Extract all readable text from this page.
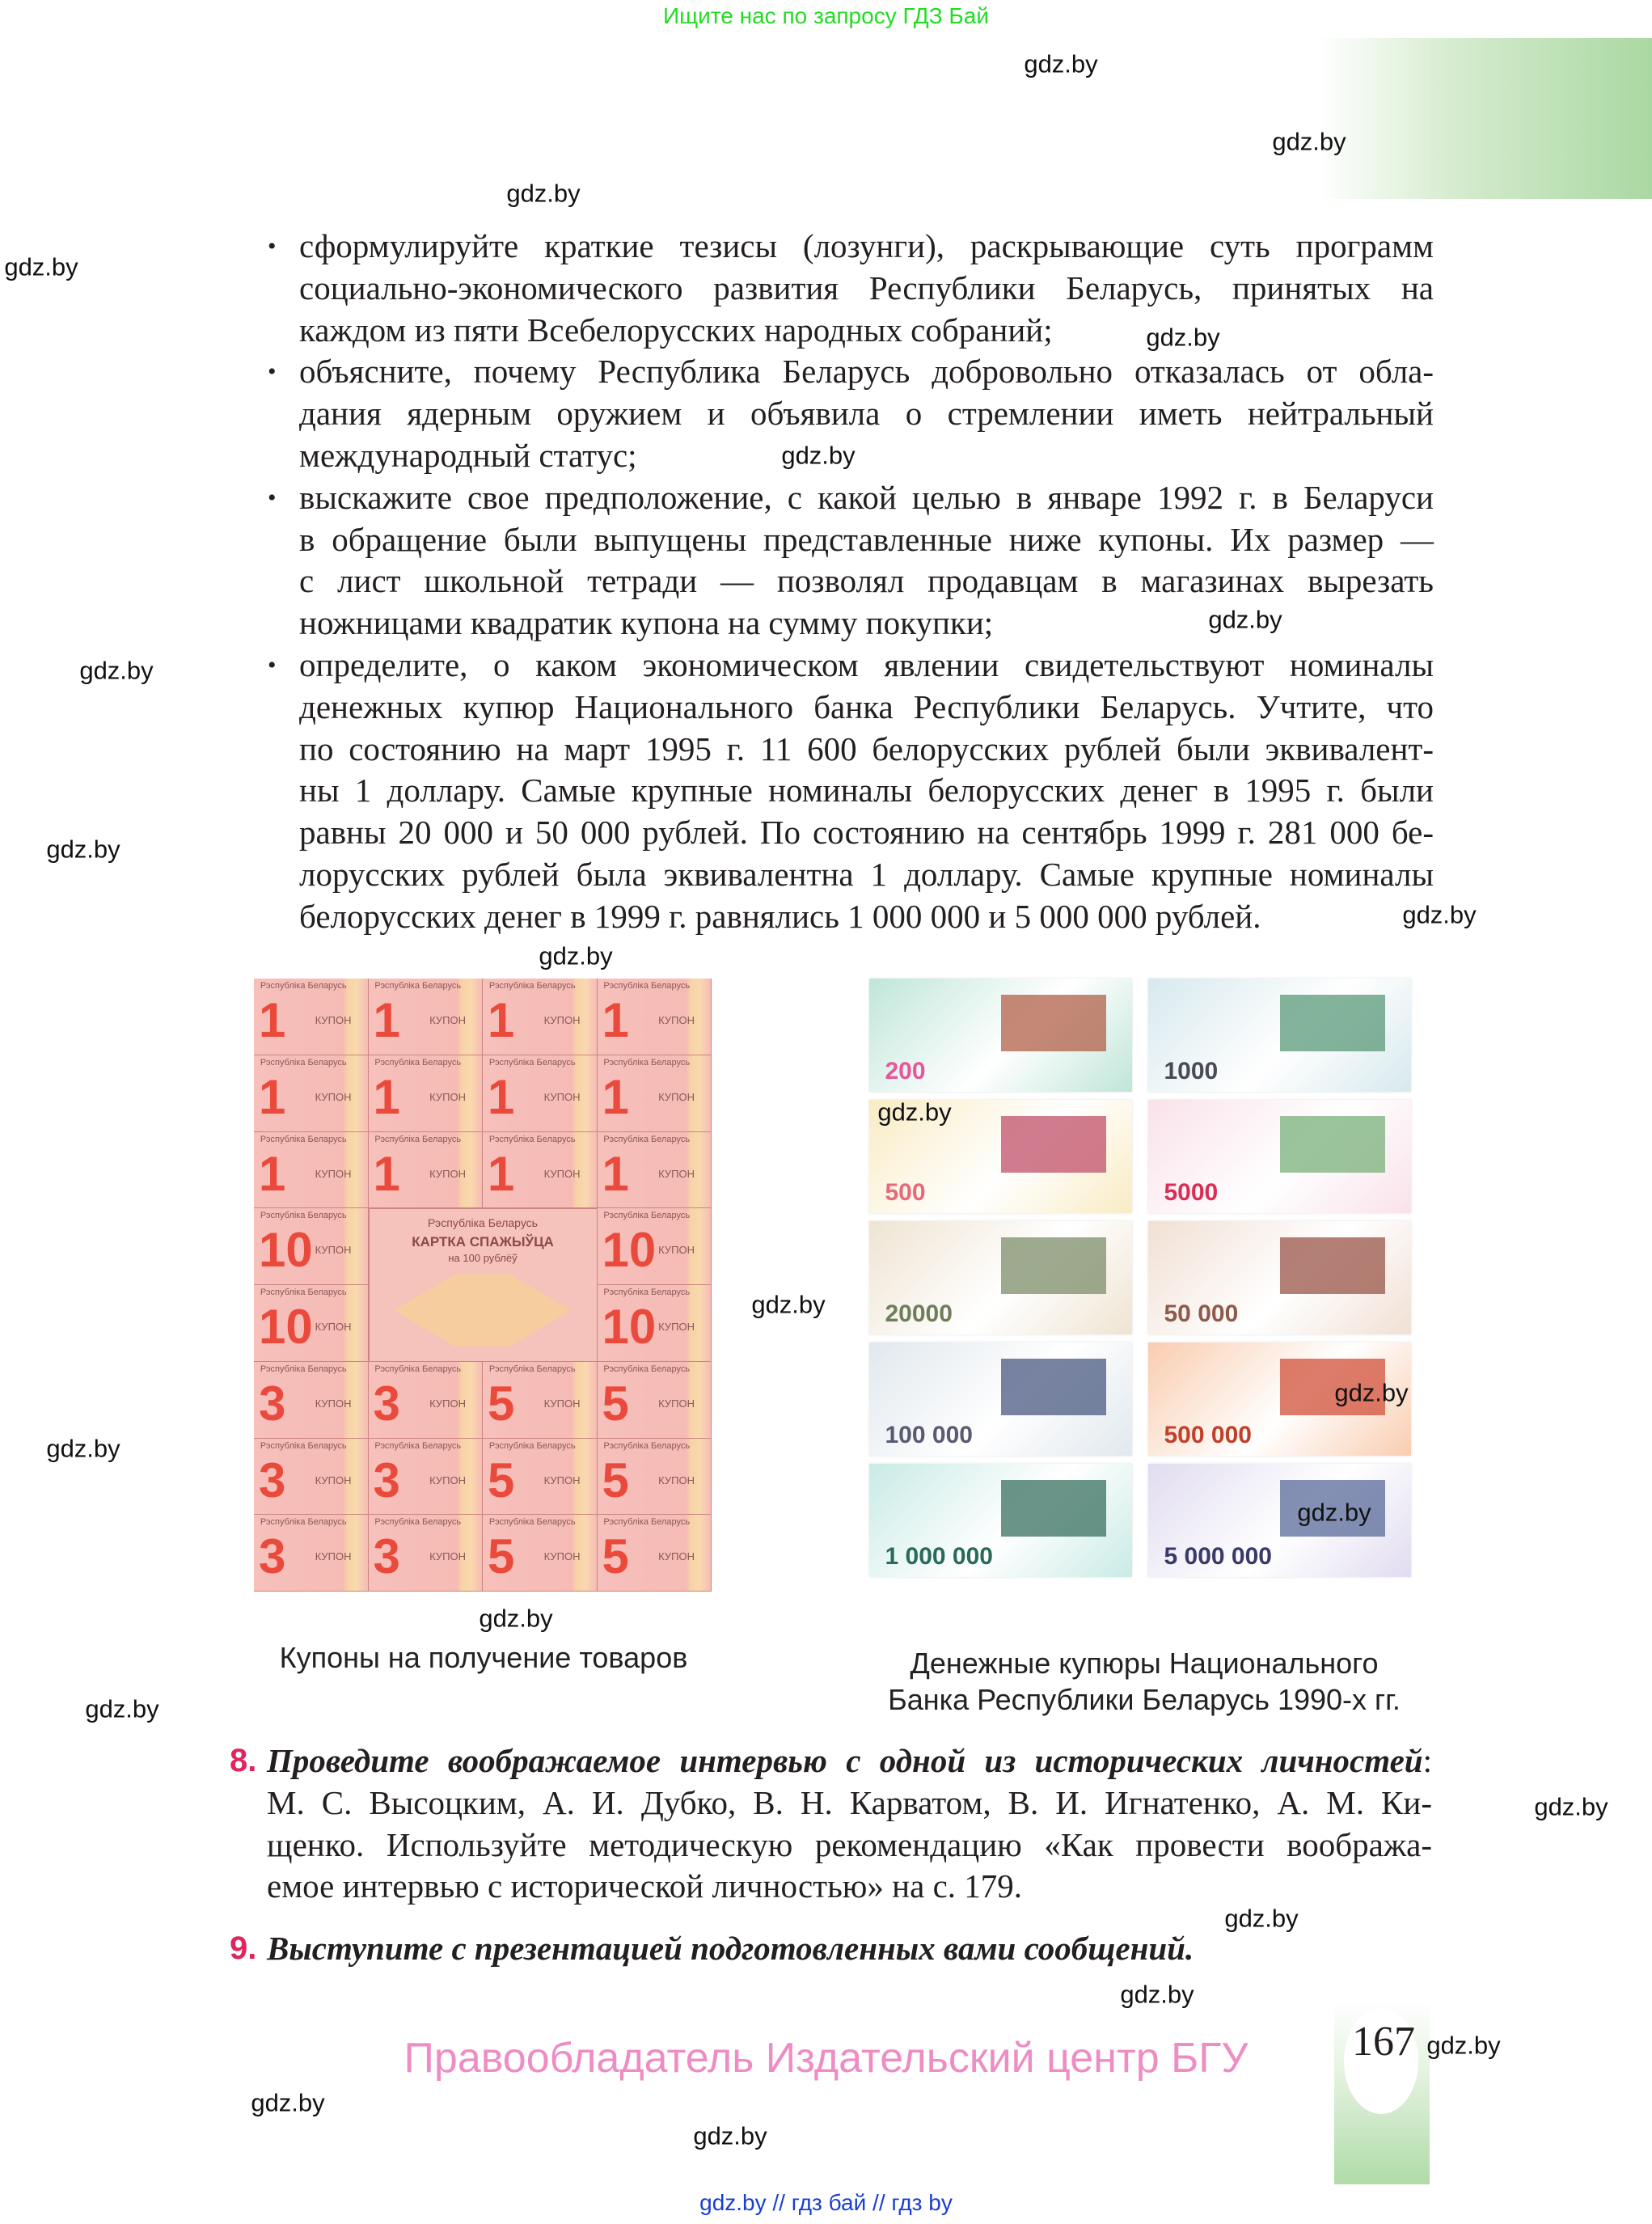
Ищите нас по запросу ГДЗ Бай
• сформулируйте краткие тезисы (лозунги), раскрывающие суть программ
социально-экономического развития Республики Беларусь, принятых на
каждом из пяти Всебелорусских народных собраний;
• объясните, почему Республика Беларусь добровольно отказалась от обла-
дания ядерным оружием и объявила о стремлении иметь нейтральный
международный статус;
• выскажите свое предположение, с какой целью в январе 1992 г. в Беларуси
в обращение были выпущены представленные ниже купоны. Их размер —
с лист школьной тетради — позволял продавцам в магазинах вырезать
ножницами квадратик купона на сумму покупки;
• определите, о каком экономическом явлении свидетельствуют номиналы
денежных купюр Национального банка Республики Беларусь. Учтите, что
по состоянию на март 1995 г. 11 600 белорусских рублей были эквивалент-
ны 1 доллару. Самые крупные номиналы белорусских денег в 1995 г. были
равны 20 000 и 50 000 рублей. По состоянию на сентябрь 1999 г. 281 000 бе-
лорусских рублей была эквивалентна 1 доллару. Самые крупные номиналы
белорусских денег в 1999 г. равнялись 1 000 000 и 5 000 000 рублей.
Рэспубліка Беларусь
1	КУПОН
Рэспубліка Беларусь
1	КУПОН
Рэспубліка Беларусь
1	КУПОН
Рэспубліка Беларусь
1	КУПОН
Рэспубліка Беларусь
1	КУПОН
Рэспубліка Беларусь
1	КУПОН
Рэспубліка Беларусь
1	КУПОН
Рэспубліка Беларусь
1	КУПОН
Рэспубліка Беларусь
1	КУПОН
Рэспубліка Беларусь
1	КУПОН
Рэспубліка Беларусь
1	КУПОН
Рэспубліка Беларусь
1	КУПОН
Рэспубліка Беларусь
10 КУПОН
Рэспубліка Беларусь
10 КУПОН
Рэспубліка Беларусь
10 КУПОН
Рэспубліка Беларусь
10 КУПОН
Рэспубліка Беларусь
3	КУПОН
Рэспубліка Беларусь
3	КУПОН
Рэспубліка Беларусь
5	КУПОН
Рэспубліка Беларусь
5	КУПОН
Рэспубліка Беларусь
3	КУПОН
Рэспубліка Беларусь
3	КУПОН
Рэспубліка Беларусь
5	КУПОН
Рэспубліка Беларусь
5	КУПОН
Рэспубліка Беларусь
3	КУПОН
Рэспубліка Беларусь
3	КУПОН
Рэспубліка Беларусь
5	КУПОН
Рэспубліка Беларусь
5	КУПОН
Рэспубліка Беларусь
КАРТКА СПАЖЫЎЦА
на 100 рублёў
200	1000
500	5000
20000	50 000
100 000	500 000
1 000 000	5 000 000
Купоны на получение товаров	Денежные купюры Национального
Банка Республики Беларусь 1990-х гг.
8. Проведите воображаемое интервью с одной из исторических личностей:
М. С. Высоцким, А. И. Дубко, В. Н. Карватом, В. И. Игнатенко, А. М. Ки-
щенко. Используйте методическую рекомендацию «Как провести вообража-
емое интервью с исторической личностью» на с. 179.
9. Выступите с презентацией подготовленных вами сообщений.
Правообладатель Издательский центр БГУ	167
gdz.by // гдз бай // гдз by
gdz.by
gdz.by
gdz.by
gdz.by
gdz.by
gdz.by
gdz.by
gdz.by
gdz.by
gdz.by
gdz.by
gdz.by
gdz.by
gdz.by
gdz.by
gdz.by
gdz.by
gdz.by
gdz.by
gdz.by
gdz.by
gdz.by
gdz.by
gdz.by
